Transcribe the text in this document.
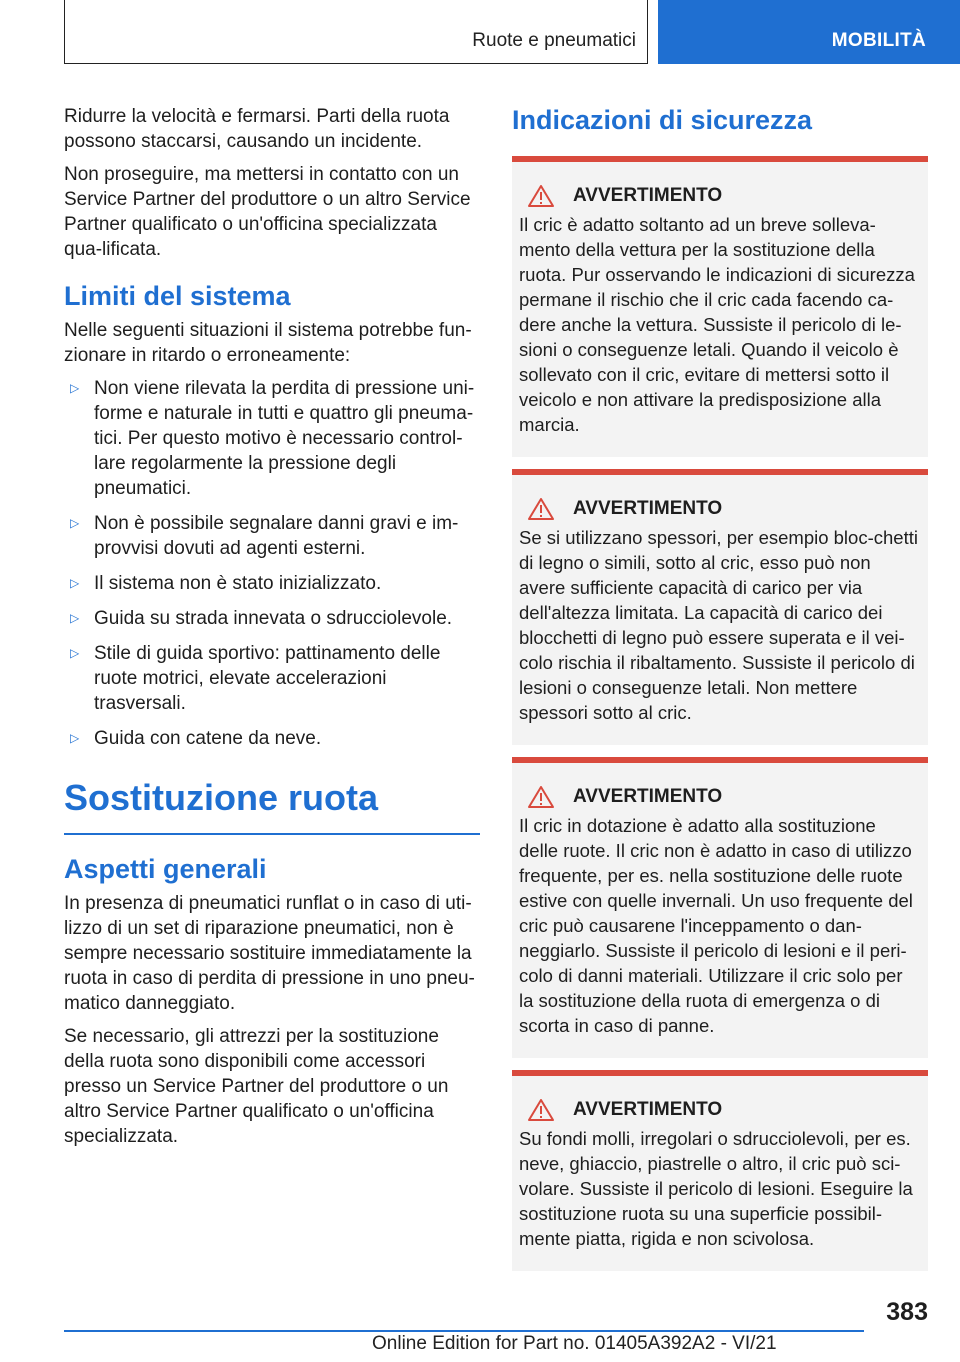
Ruote e pneumatici	MOBILITÀ

Ridurre la velocità e fermarsi. Parti della ruota possono staccarsi, causando un incidente.

Non proseguire, ma mettersi in contatto con un Service Partner del produttore o un altro Service Partner qualificato o un'officina specializzata qua-lificata.

Limiti del sistema

Nelle seguenti situazioni il sistema potrebbe fun-zionare in ritardo o erroneamente:

▷ Non viene rilevata la perdita di pressione uni-forme e naturale in tutti e quattro gli pneuma-tici. Per questo motivo è necessario control-lare regolarmente la pressione degli pneumatici.
▷ Non è possibile segnalare danni gravi e im-provvisi dovuti ad agenti esterni.
▷ Il sistema non è stato inizializzato.
▷ Guida su strada innevata o sdrucciolevole.
▷ Stile di guida sportivo: pattinamento delle ruote motrici, elevate accelerazioni trasversali.
▷ Guida con catene da neve.
Sostituzione ruota
Aspetti generali

In presenza di pneumatici runflat o in caso di uti-lizzo di un set di riparazione pneumatici, non è sempre necessario sostituire immediatamente la ruota in caso di perdita di pressione in uno pneu-matico danneggiato.

Se necessario, gli attrezzi per la sostituzione della ruota sono disponibili come accessori presso un Service Partner del produttore o un altro Service Partner qualificato o un'officina specializzata.

Indicazioni di sicurezza
AVVERTIMENTO

Il cric è adatto soltanto ad un breve solleva-mento della vettura per la sostituzione della ruota. Pur osservando le indicazioni di sicurezza permane il rischio che il cric cada facendo ca-dere anche la vettura. Sussiste il pericolo di le-sioni o conseguenze letali. Quando il veicolo è sollevato con il cric, evitare di mettersi sotto il veicolo e non attivare la predisposizione alla marcia.

AVVERTIMENTO

Se si utilizzano spessori, per esempio bloc-chetti di legno o simili, sotto al cric, esso può non avere sufficiente capacità di carico per via dell'altezza limitata. La capacità di carico dei blocchetti di legno può essere superata e il vei-colo rischia il ribaltamento. Sussiste il pericolo di lesioni o conseguenze letali. Non mettere spessori sotto al cric.

AVVERTIMENTO

Il cric in dotazione è adatto alla sostituzione delle ruote. Il cric non è adatto in caso di utilizzo frequente, per es. nella sostituzione delle ruote estive con quelle invernali. Un uso frequente del cric può causarene l'inceppamento o dan-neggiarlo. Sussiste il pericolo di lesioni e il peri-colo di danni materiali. Utilizzare il cric solo per la sostituzione della ruota di emergenza o di scorta in caso di panne.

AVVERTIMENTO

Su fondi molli, irregolari o sdrucciolevoli, per es. neve, ghiaccio, piastrelle o altro, il cric può sci-volare. Sussiste il pericolo di lesioni. Eseguire la sostituzione ruota su una superficie possibil-mente piatta, rigida e non scivolosa.

383
Online Edition for Part no. 01405A392A2 - VI/21
